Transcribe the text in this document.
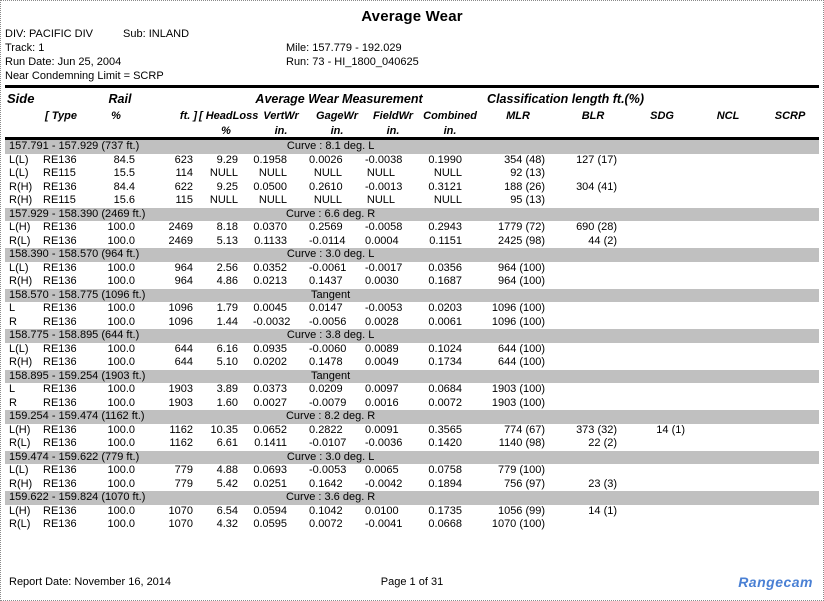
Average Wear
DIV: PACIFIC DIV	Sub: INLAND
Track: 1
Run Date: Jun 25, 2004
Near Condemning Limit = SCRP
Mile: 157.779 - 192.029
Run: 73 - HI_1800_040625
Side	Rail			Average Wear Measurement					Classification length ft.(%)				
	[ Type	%	ft. ]	[ HeadLoss	VertWr	GageWr	FieldWr	Combined	MLR	BLR	SDG	NCL	SCRP
				%	in.	in.	in.	in.					

157.791 - 157.929 (737 ft.) Curve : 8.1 deg. L													

L(L)	RE136	84.5	623	9.29	0.1958	0.0026	-0.0038	0.1990	354 (48)	127 (17)			
L(L)	RE115	15.5	114	NULL	NULL	NULL	NULL	NULL	92 (13)				
R(H)	RE136	84.4	622	9.25	0.0500	0.2610	-0.0013	0.3121	188 (26)	304 (41)			
R(H)	RE115	15.6	115	NULL	NULL	NULL	NULL	NULL	95 (13)				

157.929 - 158.390 (2469 ft.) Curve : 6.6 deg. R													

L(H)	RE136	100.0	2469	8.18	0.0370	0.2569	-0.0058	0.2943	1779 (72)	690 (28)			
R(L)	RE136	100.0	2469	5.13	0.1133	-0.0114	0.0004	0.1151	2425 (98)	44 (2)			

158.390 - 158.570 (964 ft.) Curve : 3.0 deg. L													

L(L)	RE136	100.0	964	2.56	0.0352	-0.0061	-0.0017	0.0356	964 (100)				
R(H)	RE136	100.0	964	4.86	0.0213	0.1437	0.0030	0.1687	964 (100)				

158.570 - 158.775 (1096 ft.) Tangent													

L	RE136	100.0	1096	1.79	0.0045	0.0147	-0.0053	0.0203	1096 (100)				
R	RE136	100.0	1096	1.44	-0.0032	-0.0056	0.0028	0.0061	1096 (100)				

158.775 - 158.895 (644 ft.) Curve : 3.8 deg. L													

L(L)	RE136	100.0	644	6.16	0.0935	-0.0060	0.0089	0.1024	644 (100)				
R(H)	RE136	100.0	644	5.10	0.0202	0.1478	0.0049	0.1734	644 (100)				

158.895 - 159.254 (1903 ft.) Tangent													

L	RE136	100.0	1903	3.89	0.0373	0.0209	0.0097	0.0684	1903 (100)				
R	RE136	100.0	1903	1.60	0.0027	-0.0079	0.0016	0.0072	1903 (100)				

159.254 - 159.474 (1162 ft.) Curve : 8.2 deg. R													

L(H)	RE136	100.0	1162	10.35	0.0652	0.2822	0.0091	0.3565	774 (67)	373 (32)	14 (1)		
R(L)	RE136	100.0	1162	6.61	0.1411	-0.0107	-0.0036	0.1420	1140 (98)	22 (2)			

159.474 - 159.622 (779 ft.) Curve : 3.0 deg. L													

L(L)	RE136	100.0	779	4.88	0.0693	-0.0053	0.0065	0.0758	779 (100)				
R(H)	RE136	100.0	779	5.42	0.0251	0.1642	-0.0042	0.1894	756 (97)	23 (3)			

159.622 - 159.824 (1070 ft.) Curve : 3.6 deg. R													

L(H)	RE136	100.0	1070	6.54	0.0594	0.1042	0.0100	0.1735	1056 (99)	14 (1)			
R(L)	RE136	100.0	1070	4.32	0.0595	0.0072	-0.0041	0.0668	1070 (100)				
Report Date: November 16, 2014	Page 1 of 31	Rangecam
